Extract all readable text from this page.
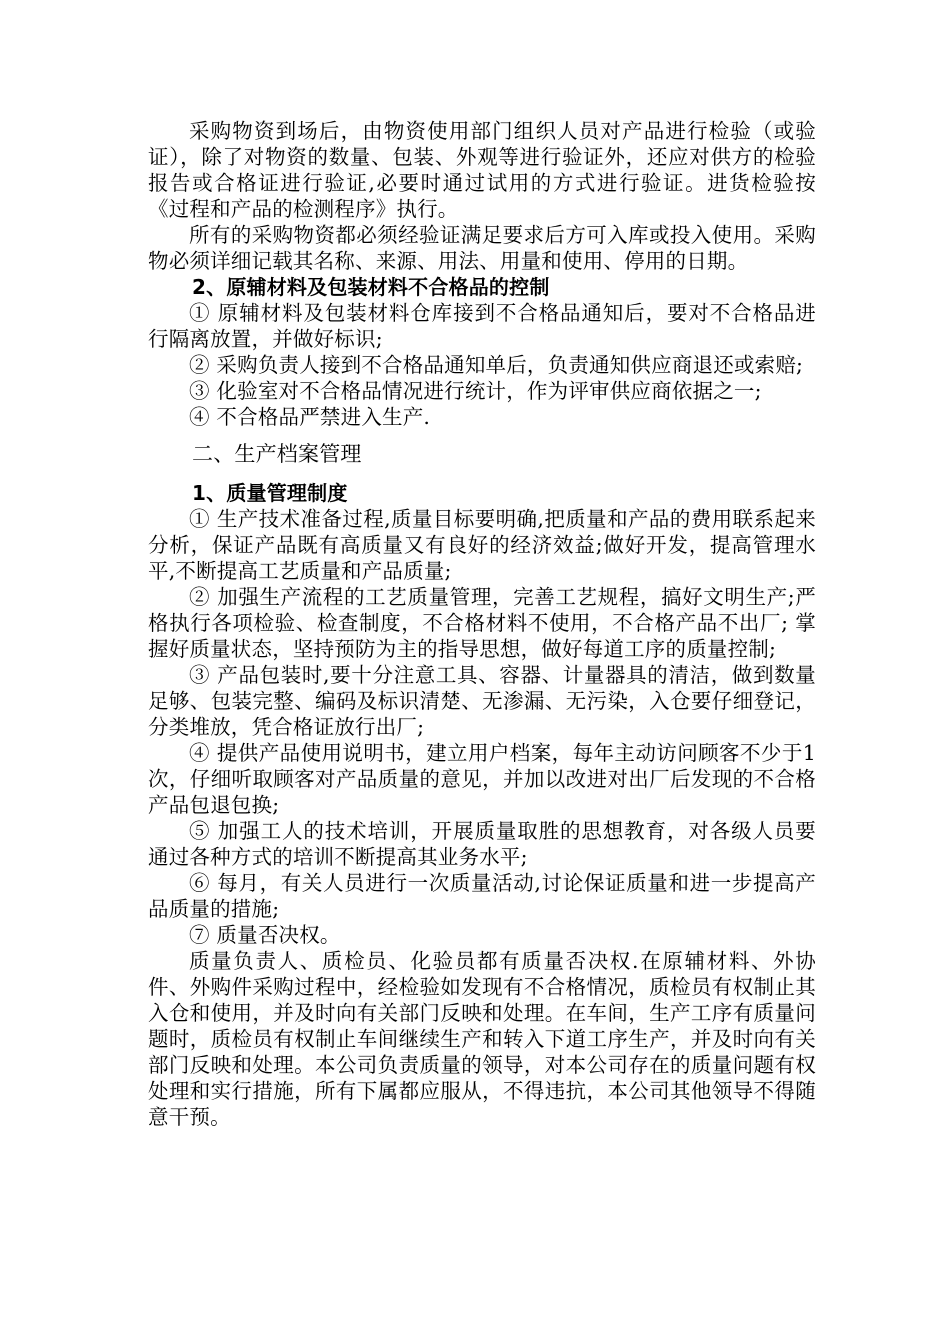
采购物资到场后，由物资使用部门组织人员对产品进行检验（或验证），除了对物资的数量、包装、外观等进行验证外，还应对供方的检验报告或合格证进行验证,必要时通过试用的方式进行验证。进货检验按《过程和产品的检测程序》执行。

所有的采购物资都必须经验证满足要求后方可入库或投入使用。采购物必须详细记载其名称、来源、用法、用量和使用、停用的日期。

2、原辅材料及包装材料不合格品的控制

① 原辅材料及包装材料仓库接到不合格品通知后，要对不合格品进行隔离放置，并做好标识;

② 采购负责人接到不合格品通知单后，负责通知供应商退还或索赔;

③ 化验室对不合格品情况进行统计，作为评审供应商依据之一;

④ 不合格品严禁进入生产.

二、生产档案管理

1、质量管理制度

① 生产技术准备过程,质量目标要明确,把质量和产品的费用联系起来分析，保证产品既有高质量又有良好的经济效益;做好开发，提高管理水平,不断提高工艺质量和产品质量;

② 加强生产流程的工艺质量管理，完善工艺规程，搞好文明生产;严格执行各项检验、检查制度，不合格材料不使用，不合格产品不出厂; 掌握好质量状态，坚持预防为主的指导思想，做好每道工序的质量控制;

③ 产品包装时,要十分注意工具、容器、计量器具的清洁，做到数量足够、包装完整、编码及标识清楚、无渗漏、无污染，入仓要仔细登记，分类堆放，凭合格证放行出厂;

④ 提供产品使用说明书，建立用户档案，每年主动访问顾客不少于1次，仔细听取顾客对产品质量的意见，并加以改进对出厂后发现的不合格产品包退包换;

⑤ 加强工人的技术培训，开展质量取胜的思想教育，对各级人员要通过各种方式的培训不断提高其业务水平;

⑥ 每月，有关人员进行一次质量活动,讨论保证质量和进一步提高产品质量的措施;

⑦ 质量否决权。

质量负责人、质检员、化验员都有质量否决权.在原辅材料、外协件、外购件采购过程中，经检验如发现有不合格情况，质检员有权制止其入仓和使用，并及时向有关部门反映和处理。在车间，生产工序有质量问题时，质检员有权制止车间继续生产和转入下道工序生产，并及时向有关部门反映和处理。本公司负责质量的领导，对本公司存在的质量问题有权处理和实行措施，所有下属都应服从，不得违抗，本公司其他领导不得随意干预。
